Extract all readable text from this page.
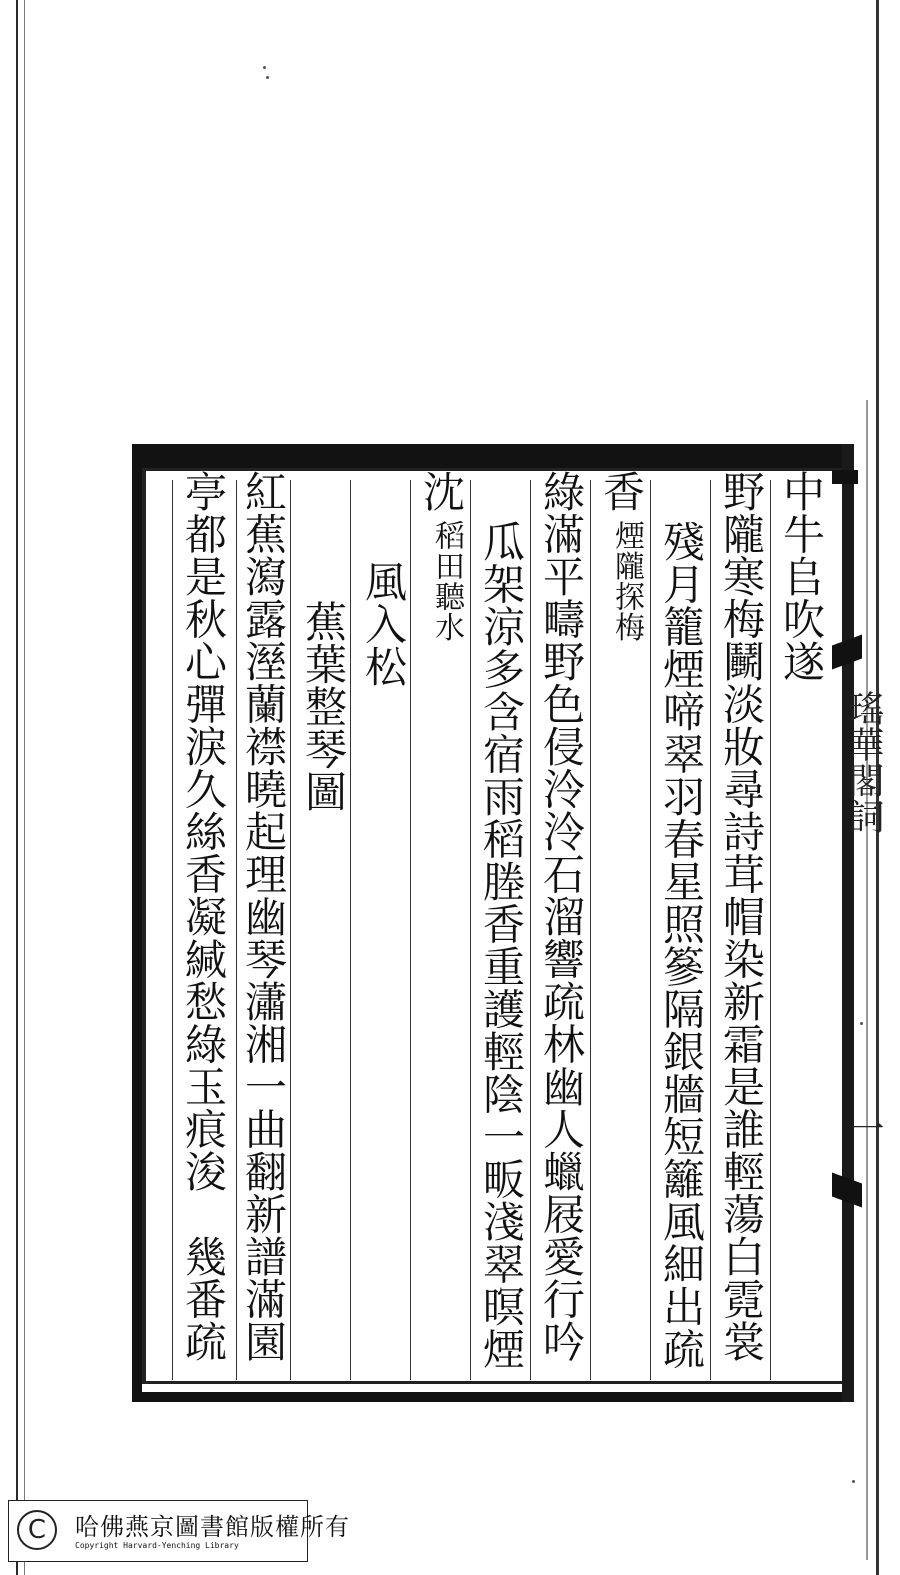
瑤華閣詞
一
中牛𠂤吹遂
野隴寒梅鬭淡妝尋詩茸帽染新霜是誰輕蕩白霓裳
殘月籠煙啼翠羽春星照篸隔銀牆短籬風細出疏
香
煙隴探梅
綠滿平疇野色侵泠泠石溜響疏林幽人蠟屐愛行吟
瓜架涼多含宿雨稻塍香重護輕陰一畈淺翠暝煙
沈
稻田聽水
風入松
蕉葉整琴圖
紅蕉瀉露溼蘭襟曉起理幽琴瀟湘一曲翻新譜滿園
亭都是秋心彈淚久絲香凝緘愁綠玉痕浚　幾番疏
C	哈佛燕京圖書館版權所有
Copyright Harvard-Yenching Library
